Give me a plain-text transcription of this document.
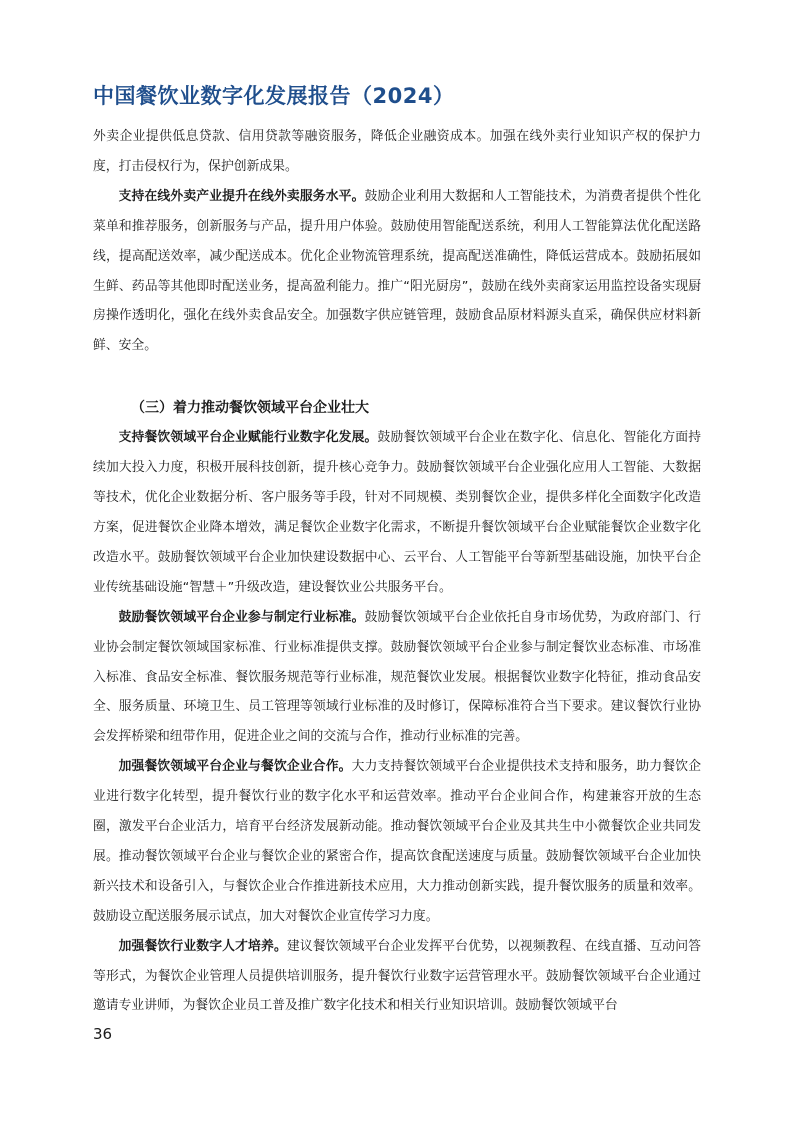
中国餐饮业数字化发展报告（2024）

外卖企业提供低息贷款、信用贷款等融资服务，降低企业融资成本。加强在线外卖行业知识产权的保护力度，打击侵权行为，保护创新成果。

支持在线外卖产业提升在线外卖服务水平。鼓励企业利用大数据和人工智能技术，为消费者提供个性化菜单和推荐服务，创新服务与产品，提升用户体验。鼓励使用智能配送系统，利用人工智能算法优化配送路线，提高配送效率，减少配送成本。优化企业物流管理系统，提高配送准确性，降低运营成本。鼓励拓展如生鲜、药品等其他即时配送业务，提高盈利能力。推广“阳光厨房”，鼓励在线外卖商家运用监控设备实现厨房操作透明化，强化在线外卖食品安全。加强数字供应链管理，鼓励食品原材料源头直采，确保供应材料新鲜、安全。

（三）着力推动餐饮领域平台企业壮大

支持餐饮领域平台企业赋能行业数字化发展。鼓励餐饮领域平台企业在数字化、信息化、智能化方面持续加大投入力度，积极开展科技创新，提升核心竞争力。鼓励餐饮领域平台企业强化应用人工智能、大数据等技术，优化企业数据分析、客户服务等手段，针对不同规模、类别餐饮企业，提供多样化全面数字化改造方案，促进餐饮企业降本增效，满足餐饮企业数字化需求，不断提升餐饮领域平台企业赋能餐饮企业数字化改造水平。鼓励餐饮领域平台企业加快建设数据中心、云平台、人工智能平台等新型基础设施，加快平台企业传统基础设施“智慧＋”升级改造，建设餐饮业公共服务平台。

鼓励餐饮领域平台企业参与制定行业标准。鼓励餐饮领域平台企业依托自身市场优势，为政府部门、行业协会制定餐饮领域国家标准、行业标准提供支撑。鼓励餐饮领域平台企业参与制定餐饮业态标准、市场准入标准、食品安全标准、餐饮服务规范等行业标准，规范餐饮业发展。根据餐饮业数字化特征，推动食品安全、服务质量、环境卫生、员工管理等领域行业标准的及时修订，保障标准符合当下要求。建议餐饮行业协会发挥桥梁和纽带作用，促进企业之间的交流与合作，推动行业标准的完善。

加强餐饮领域平台企业与餐饮企业合作。大力支持餐饮领域平台企业提供技术支持和服务，助力餐饮企业进行数字化转型，提升餐饮行业的数字化水平和运营效率。推动平台企业间合作，构建兼容开放的生态圈，激发平台企业活力，培育平台经济发展新动能。推动餐饮领域平台企业及其共生中小微餐饮企业共同发展。推动餐饮领域平台企业与餐饮企业的紧密合作，提高饮食配送速度与质量。鼓励餐饮领域平台企业加快新兴技术和设备引入，与餐饮企业合作推进新技术应用，大力推动创新实践，提升餐饮服务的质量和效率。鼓励设立配送服务展示试点，加大对餐饮企业宣传学习力度。

加强餐饮行业数字人才培养。建议餐饮领域平台企业发挥平台优势，以视频教程、在线直播、互动问答等形式，为餐饮企业管理人员提供培训服务，提升餐饮行业数字运营管理水平。鼓励餐饮领域平台企业通过邀请专业讲师，为餐饮企业员工普及推广数字化技术和相关行业知识培训。鼓励餐饮领域平台

36
